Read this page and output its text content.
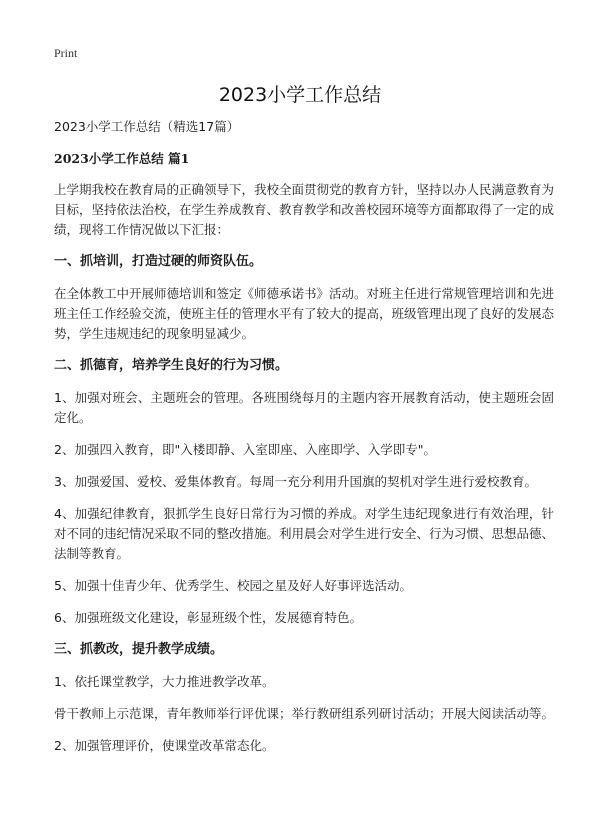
Print
2023小学工作总结

2023小学工作总结（精选17篇）

2023小学工作总结 篇1

上学期我校在教育局的正确领导下，我校全面贯彻党的教育方针，坚持以办人民满意教育为目标，坚持依法治校，在学生养成教育、教育教学和改善校园环境等方面都取得了一定的成绩，现将工作情况做以下汇报：

一、抓培训，打造过硬的师资队伍。

在全体教工中开展师德培训和签定《师德承诺书》活动。对班主任进行常规管理培训和先进班主任工作经验交流，使班主任的管理水平有了较大的提高，班级管理出现了良好的发展态势，学生违规违纪的现象明显减少。

二、抓德育，培养学生良好的行为习惯。

1、加强对班会、主题班会的管理。各班围绕每月的主题内容开展教育活动，使主题班会固定化。

2、加强四入教育，即"入楼即静、入室即座、入座即学、入学即专"。

3、加强爱国、爱校、爱集体教育。每周一充分利用升国旗的契机对学生进行爱校教育。

4、加强纪律教育，狠抓学生良好日常行为习惯的养成。对学生违纪现象进行有效治理，针对不同的违纪情况采取不同的整改措施。利用晨会对学生进行安全、行为习惯、思想品德、法制等教育。

5、加强十佳青少年、优秀学生、校园之星及好人好事评选活动。

6、加强班级文化建设，彰显班级个性，发展德育特色。

三、抓教改，提升教学成绩。

1、依托课堂教学，大力推进教学改革。

骨干教师上示范课，青年教师举行评优课；举行教研组系列研讨活动；开展大阅读活动等。

2、加强管理评价，使课堂改革常态化。
